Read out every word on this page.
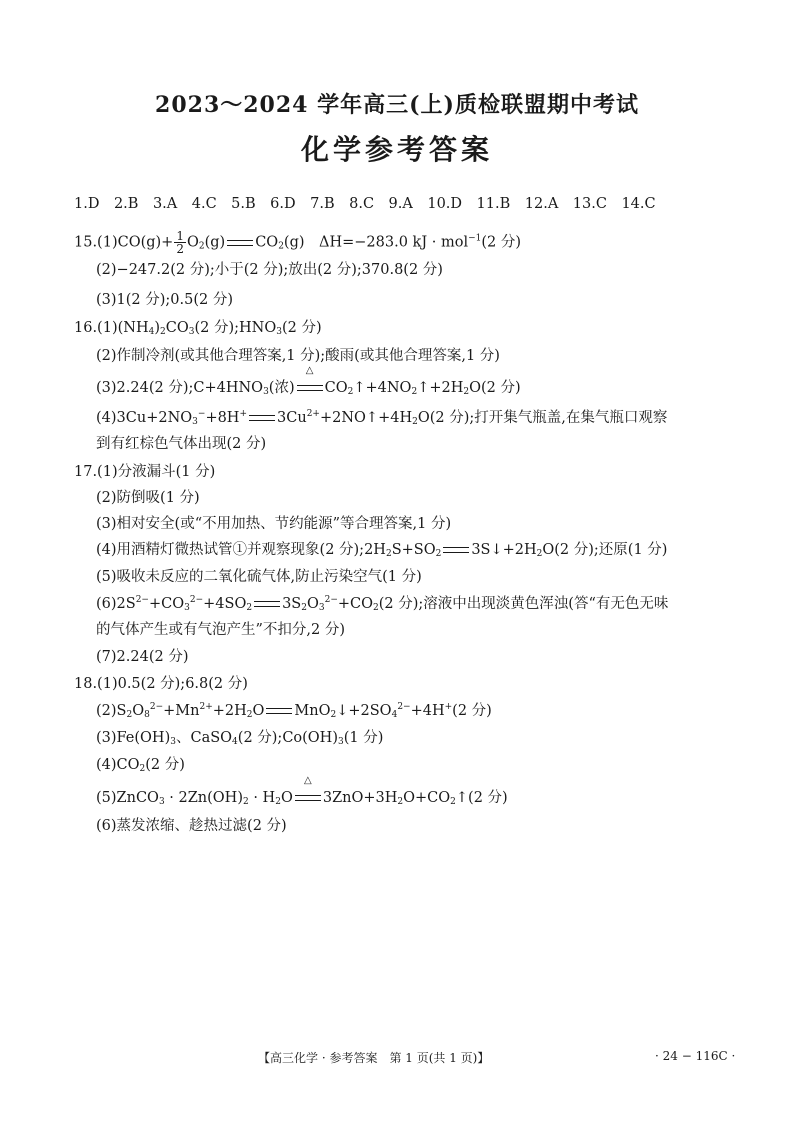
2023～2024 学年高三(上)质检联盟期中考试
化学参考答案
1.D　2.B　3.A　4.C　5.B　6.D　7.B　8.C　9.A　10.D　11.B　12.A　13.C　14.C
$15.(1)CO(g)+ \frac{1}{2} O_2(g)$ $CO_2(g)$　ΔH=−283.0 kJ · mol$^{-1}$(2 分)
(2)−247.2(2 分);小于(2 分);放出(2 分);370.8(2 分)
(3)1(2 分);0.5(2 分)
$16.(1)(NH_4)_2CO_3(2$ 分)$;HNO_3(2$ 分)
(2)作制冷剂(或其他合理答案,1 分);酸雨(或其他合理答案,1 分)
(3)2.24(2 分)$;C+4HNO_3$(浓)
△
$CO_2↑+4NO_2↑+2H_2O(2$ 分)
$(4)3Cu+2NO_3^-+8H^+$ $3Cu^{2+}+2NO↑+4H_2O(2$ 分);打开集气瓶盖,在集气瓶口观察
到有红棕色气体出现(2 分)
17.(1)分液漏斗(1 分)
(2)防倒吸(1 分)
(3)相对安全(或“不用加热、节约能源”等合理答案,1 分)
(4)用酒精灯微热试管①并观察现象(2 分)$;2H_2S+SO_2$ $3S↓+2H_2O(2$ 分);还原(1 分)
(5)吸收未反应的二氧化硫气体,防止污染空气(1 分)
$(6)2S^{2-}+CO_3^{2-}+4SO_2$ $3S_2O_3^{2-}+CO_2(2$ 分);溶液中出现淡黄色浑浊(答“有无色无味
的气体产生或有气泡产生”不扣分,2 分)
(7)2.24(2 分)
18.(1)0.5(2 分);6.8(2 分)
$(2)S_2O_8^{2-}+Mn^{2+}+2H_2O$ $MnO_2↓+2SO_4^{2-}+4H^+(2$ 分)
$(3)Fe(OH)_3$、CaSO$_4$(2 分)$;Co(OH)_3(1$ 分)
$(4)CO_2(2$ 分)
(5)ZnCO$_3$ · $2Zn(OH)_2 \cdot H_2O$
△
$3ZnO+3H_2O+CO_2↑(2$ 分)
(6)蒸发浓缩、趁热过滤(2 分)
【高三化学 · 参考答案　第 1 页(共 1 页)】	· 24 − 116C ·
